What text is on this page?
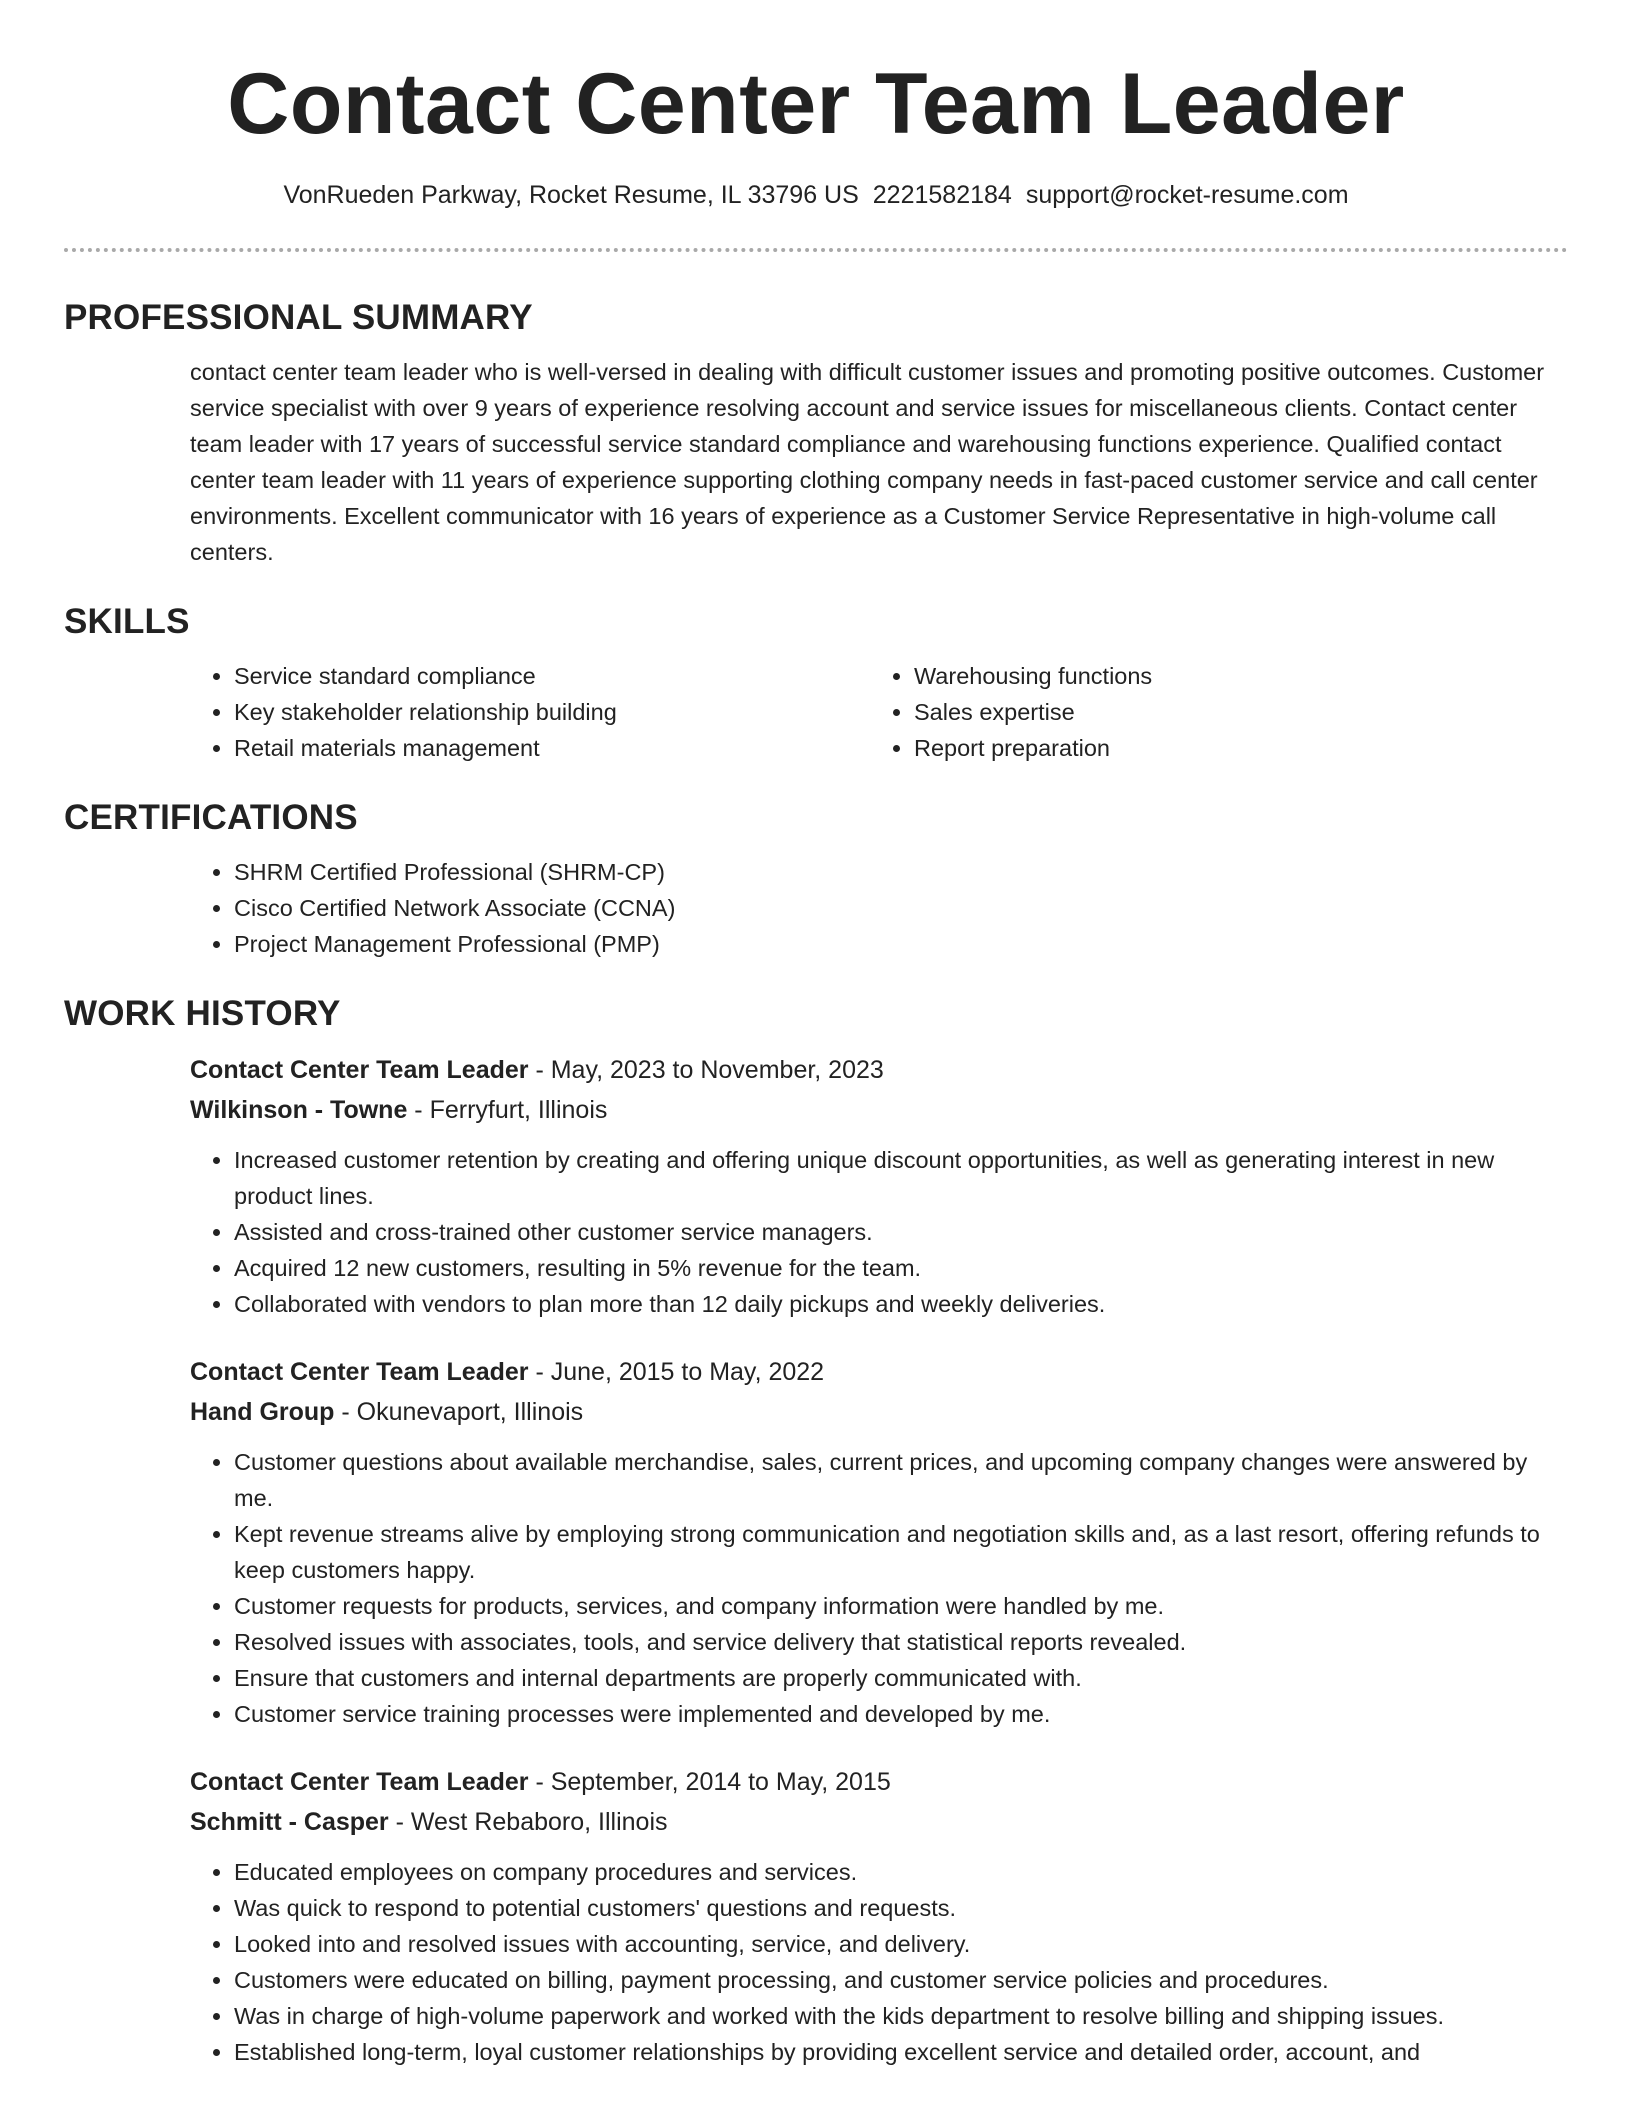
Contact Center Team Leader
VonRueden Parkway, Rocket Resume, IL 33796 US 2221582184 support@rocket-resume.com
PROFESSIONAL SUMMARY

contact center team leader who is well-versed in dealing with difficult customer issues and promoting positive outcomes. Customer service specialist with over 9 years of experience resolving account and service issues for miscellaneous clients. Contact center team leader with 17 years of successful service standard compliance and warehousing functions experience. Qualified contact center team leader with 11 years of experience supporting clothing company needs in fast-paced customer service and call center environments. Excellent communicator with 16 years of experience as a Customer Service Representative in high-volume call centers.

SKILLS
• Service standard compliance
• Key stakeholder relationship building
• Retail materials management
• Warehousing functions
• Sales expertise
• Report preparation
CERTIFICATIONS
• SHRM Certified Professional (SHRM-CP)
• Cisco Certified Network Associate (CCNA)
• Project Management Professional (PMP)
WORK HISTORY
Contact Center Team Leader - May, 2023 to November, 2023
Wilkinson - Towne - Ferryfurt, Illinois
• Increased customer retention by creating and offering unique discount opportunities, as well as generating interest in new product lines.
• Assisted and cross-trained other customer service managers.
• Acquired 12 new customers, resulting in 5% revenue for the team.
• Collaborated with vendors to plan more than 12 daily pickups and weekly deliveries.
Contact Center Team Leader - June, 2015 to May, 2022
Hand Group - Okunevaport, Illinois
• Customer questions about available merchandise, sales, current prices, and upcoming company changes were answered by me.
• Kept revenue streams alive by employing strong communication and negotiation skills and, as a last resort, offering refunds to keep customers happy.
• Customer requests for products, services, and company information were handled by me.
• Resolved issues with associates, tools, and service delivery that statistical reports revealed.
• Ensure that customers and internal departments are properly communicated with.
• Customer service training processes were implemented and developed by me.
Contact Center Team Leader - September, 2014 to May, 2015
Schmitt - Casper - West Rebaboro, Illinois
• Educated employees on company procedures and services.
• Was quick to respond to potential customers' questions and requests.
• Looked into and resolved issues with accounting, service, and delivery.
• Customers were educated on billing, payment processing, and customer service policies and procedures.
• Was in charge of high-volume paperwork and worked with the kids department to resolve billing and shipping issues.
• Established long-term, loyal customer relationships by providing excellent service and detailed order, account, and
